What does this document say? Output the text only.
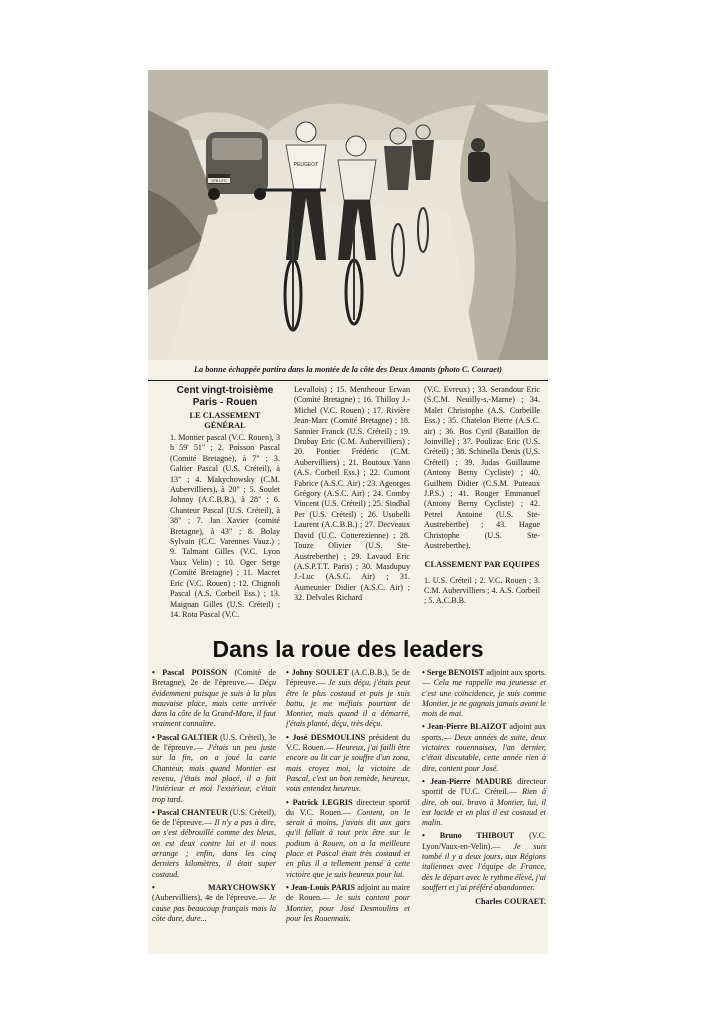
478 LFS
PEUGEOT
La bonne échappée partira dans la montée de la côte des Deux Amants (photo C. Couraet)
Cent vingt-troisième
Paris - Rouen
LE CLASSEMENT GÉNÉRAL

1. Montier pascal (V.C. Rouen), 3 h 59' 51" ; 2. Poisson Pascal (Comité Bretagne), à 7" ; 3. Galtier Pascal (U.S. Créteil), à 13" ; 4. Makychowsky (C.M. Aubervilliers), à 20" ; 5. Soulet Johnny (A.C.B.B.), à 28" ; 6. Chanteur Pascal (U.S. Créteil), à 38" ; 7. Jan Xavier (comité Bretagne), à 43" ; 8. Bolay Sylvain (C.C. Varennes Vauz.) ; 9. Talmant Gilles (V.C. Lyon Vaux Velin) ; 10. Oger Serge (Comité Bretagne) ; 11. Macret Eric (V.C. Rouen) ; 12. Chignoli Pascal (A.S. Corbeil Ess.) ; 13. Maignan Gilles (U.S. Créteil) ; 14. Rota Pascal (V.C.

Levallois) ; 15. Mentheour Erwan (Comité Bretagne) ; 16. Thilloy J.-Michel (V.C. Rouen) ; 17. Rivière Jean-Marc (Comité Bretagne) ; 18. Sannier Franck (U.S. Créteil) ; 19. Drubay Eric (C.M. Aubervilliers) ; 20. Pontier Frédéric (C.M. Aubervilliers) ; 21. Boutoux Yann (A.S. Corbeil Ess.) ; 22. Cumont Fabrice (A.S.C. Air) ; 23. Ageorges Grégory (A.S.C. Air) ; 24. Comby Vincent (U.S. Créteil) ; 25. Sindhal Per (U.S. Créteil) ; 26. Usubelli Laurent (A.C.B.B.) ; 27. Decveaux David (U.C. Cotterezienne) ; 28. Touze Olivier (U.S. Ste-Austreberthe) ; 29. Lavaud Eric (A.S.P.T.T. Paris) ; 30. Masdupuy J.-Luc (A.S.C. Air) ; 31. Aumeunier Didier (A.S.C. Air) ; 32. Delvales Richard

(V.C. Evreux) ; 33. Serandour Eric (S.C.M. Neuilly-s.-Marne) ; 34. Malet Christophe (A.S. Corbeille Ess.) ; 35. Chatelon Pierre (A.S.C. air) ; 36. Bos Cyril (Bataillon de Joinville) ; 37. Poulizac Eric (U.S. Créteil) ; 38. Schinella Denis (U.S. Créteil) ; 39. Judas Guillaume (Antony Berny Cycliste) ; 40. Guilhem Didier (C.S.M. Puteaux J.P.S.) ; 41. Rouger Emmanuel (Antony Berny Cycliste) ; 42. Petrel Antoine (U.S. Ste-Austreberthe) ; 43. Hague Christophe (U.S. Ste-Austreberthe).

CLASSEMENT PAR EQUIPES

1. U.S. Créteil ; 2. V.C. Rouen ; 3. C.M. Aubervilliers ; 4. A.S. Corbeil ; 5. A.C.B.B.

Dans la roue des leaders

• Pascal POISSON (Comité de Bretagne), 2e de l'épreuve.— Déçu évidemment puisque je suis à la plus mauvaise place, mais cette arrivée dans la côte de la Grand-Mare, il faut vraiment connaître.

• Pascal GALTIER (U.S. Créteil), 3e de l'épreuve.— J'étais un peu juste sur la fin, on a joué la carte Chanteur, mais quand Montier est revenu, j'étais mal placé, il a fait l'intérieur et moi l'extérieur, c'était trop tard.

• Pascal CHANTEUR (U.S. Créteil), 6e de l'épreuve.— Il n'y a pas à dire, on s'est débrouillé comme des bleus, on est deux contre lui et il nous arrange ; enfin, dans les cinq derniers kilomètres, il était super costaud.

• MARYCHOWSKY (Aubervilliers), 4e de l'épreuve.— Je cause pas beaucoup français mais la côte dure, dure...

• Johny SOULET (A.C.B.B.), 5e de l'épreuve.— Je suis déçu, j'étais peut être le plus costaud et puis je suis battu, je me méfiais pourtant de Montier, mais quand il a démarré, j'étais planté, déçu, très déçu.

• José DESMOULINS président du V.C. Rouen.— Heureux, j'ai failli être encore au lit car je souffre d'un zona, mais croyez moi, la victoire de Pascal, c'est un bon remède, heureux, vous entendez heureux.

• Patrick LEGRIS directeur sportif du V.C. Rouen.— Content, on le serait à moins, j'avais dit aux gars qu'il fallait à tout prix être sur le podium à Rouen, on a la meilleure place et Pascal était très costaud et en plus il a tellement pensé à cette victoire que je suis heureux pour lui.

• Jean-Louis PARIS adjoint au maire de Rouen.— Je suis content pour Montier, pour José Desmoulins et pour les Rouennais.

• Serge BENOIST adjoint aux sports.— Cela me rappelle ma jeunesse et c'est une coïncidence, je suis comme Montier, je ne gagnais jamais avant le mois de mai.

• Jean-Pierre BLAIZOT adjoint aux sports.— Deux années de suite, deux victoires rouennaises, l'an dernier, c'était discutable, cette année rien à dire, content pour José.

• Jean-Pierre MADURE directeur sportif de l'U.C. Créteil.— Rien à dire, oh oui, bravo à Montier, lui, il est lucide et en plus il est costaud et malin.

• Bruno THIBOUT (V.C. Lyon/Vaux-en-Velin).— Je suis tombé il y a deux jours, aux Régions italiennes avec l'équipe de France, dès le départ avec le rythme élevé, j'ai souffert et j'ai préféré abandonner.

Charles COURAET.
